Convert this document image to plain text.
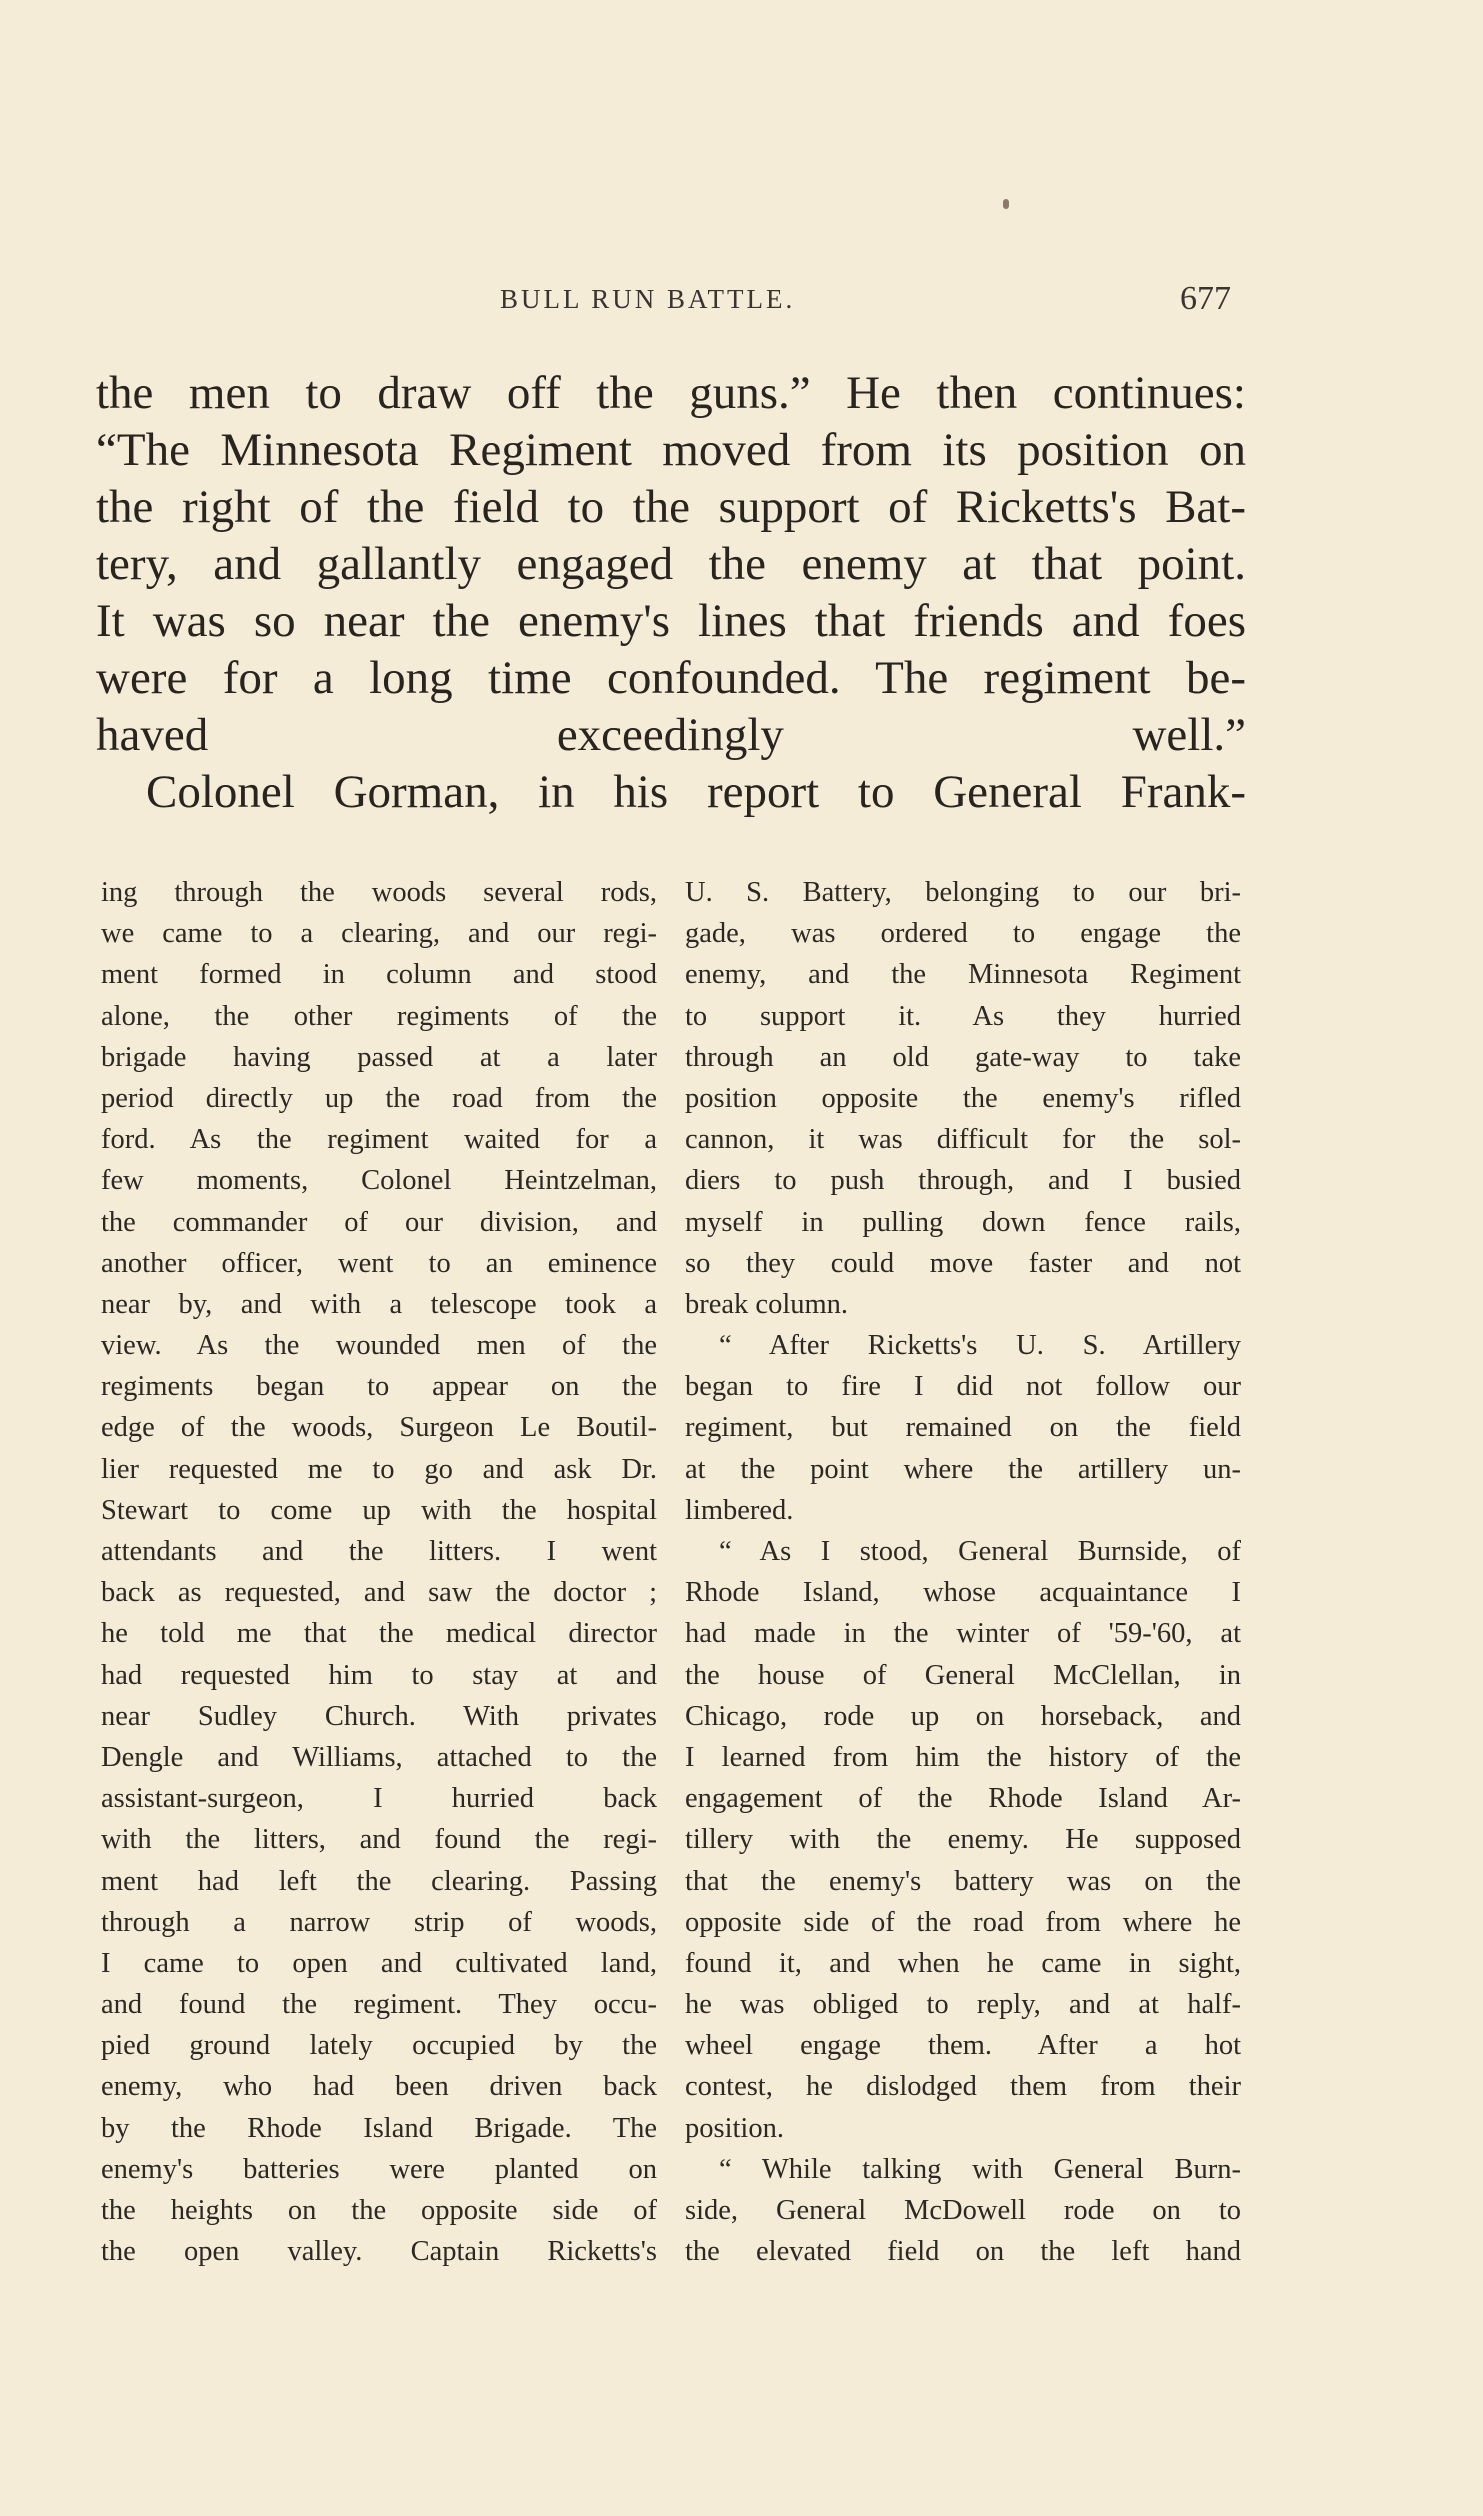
BULL RUN BATTLE.	677
the men to draw off the guns.” He then continues:
“The Minnesota Regiment moved from its position on
the right of the field to the support of Ricketts's Bat-
tery, and gallantly engaged the enemy at that point.
It was so near the enemy's lines that friends and foes
were for a long time confounded. The regiment be-
haved exceedingly well.”
Colonel Gorman, in his report to General Frank-
ing through the woods several rods,
we came to a clearing, and our regi-
ment formed in column and stood
alone, the other regiments of the
brigade having passed at a later
period directly up the road from the
ford. As the regiment waited for a
few moments, Colonel Heintzelman,
the commander of our division, and
another officer, went to an eminence
near by, and with a telescope took a
view. As the wounded men of the
regiments began to appear on the
edge of the woods, Surgeon Le Boutil-
lier requested me to go and ask Dr.
Stewart to come up with the hospital
attendants and the litters. I went
back as requested, and saw the doctor ;
he told me that the medical director
had requested him to stay at and
near Sudley Church. With privates
Dengle and Williams, attached to the
assistant-surgeon, I hurried back
with the litters, and found the regi-
ment had left the clearing. Passing
through a narrow strip of woods,
I came to open and cultivated land,
and found the regiment. They occu-
pied ground lately occupied by the
enemy, who had been driven back
by the Rhode Island Brigade. The
enemy's batteries were planted on
the heights on the opposite side of
the open valley. Captain Ricketts's
U. S. Battery, belonging to our bri-
gade, was ordered to engage the
enemy, and the Minnesota Regiment
to support it. As they hurried
through an old gate-way to take
position opposite the enemy's rifled
cannon, it was difficult for the sol-
diers to push through, and I busied
myself in pulling down fence rails,
so they could move faster and not
break column.
“ After Ricketts's U. S. Artillery
began to fire I did not follow our
regiment, but remained on the field
at the point where the artillery un-
limbered.
“ As I stood, General Burnside, of
Rhode Island, whose acquaintance I
had made in the winter of '59-'60, at
the house of General McClellan, in
Chicago, rode up on horseback, and
I learned from him the history of the
engagement of the Rhode Island Ar-
tillery with the enemy. He supposed
that the enemy's battery was on the
opposite side of the road from where he
found it, and when he came in sight,
he was obliged to reply, and at half-
wheel engage them. After a hot
contest, he dislodged them from their
position.
“ While talking with General Burn-
side, General McDowell rode on to
the elevated field on the left hand
